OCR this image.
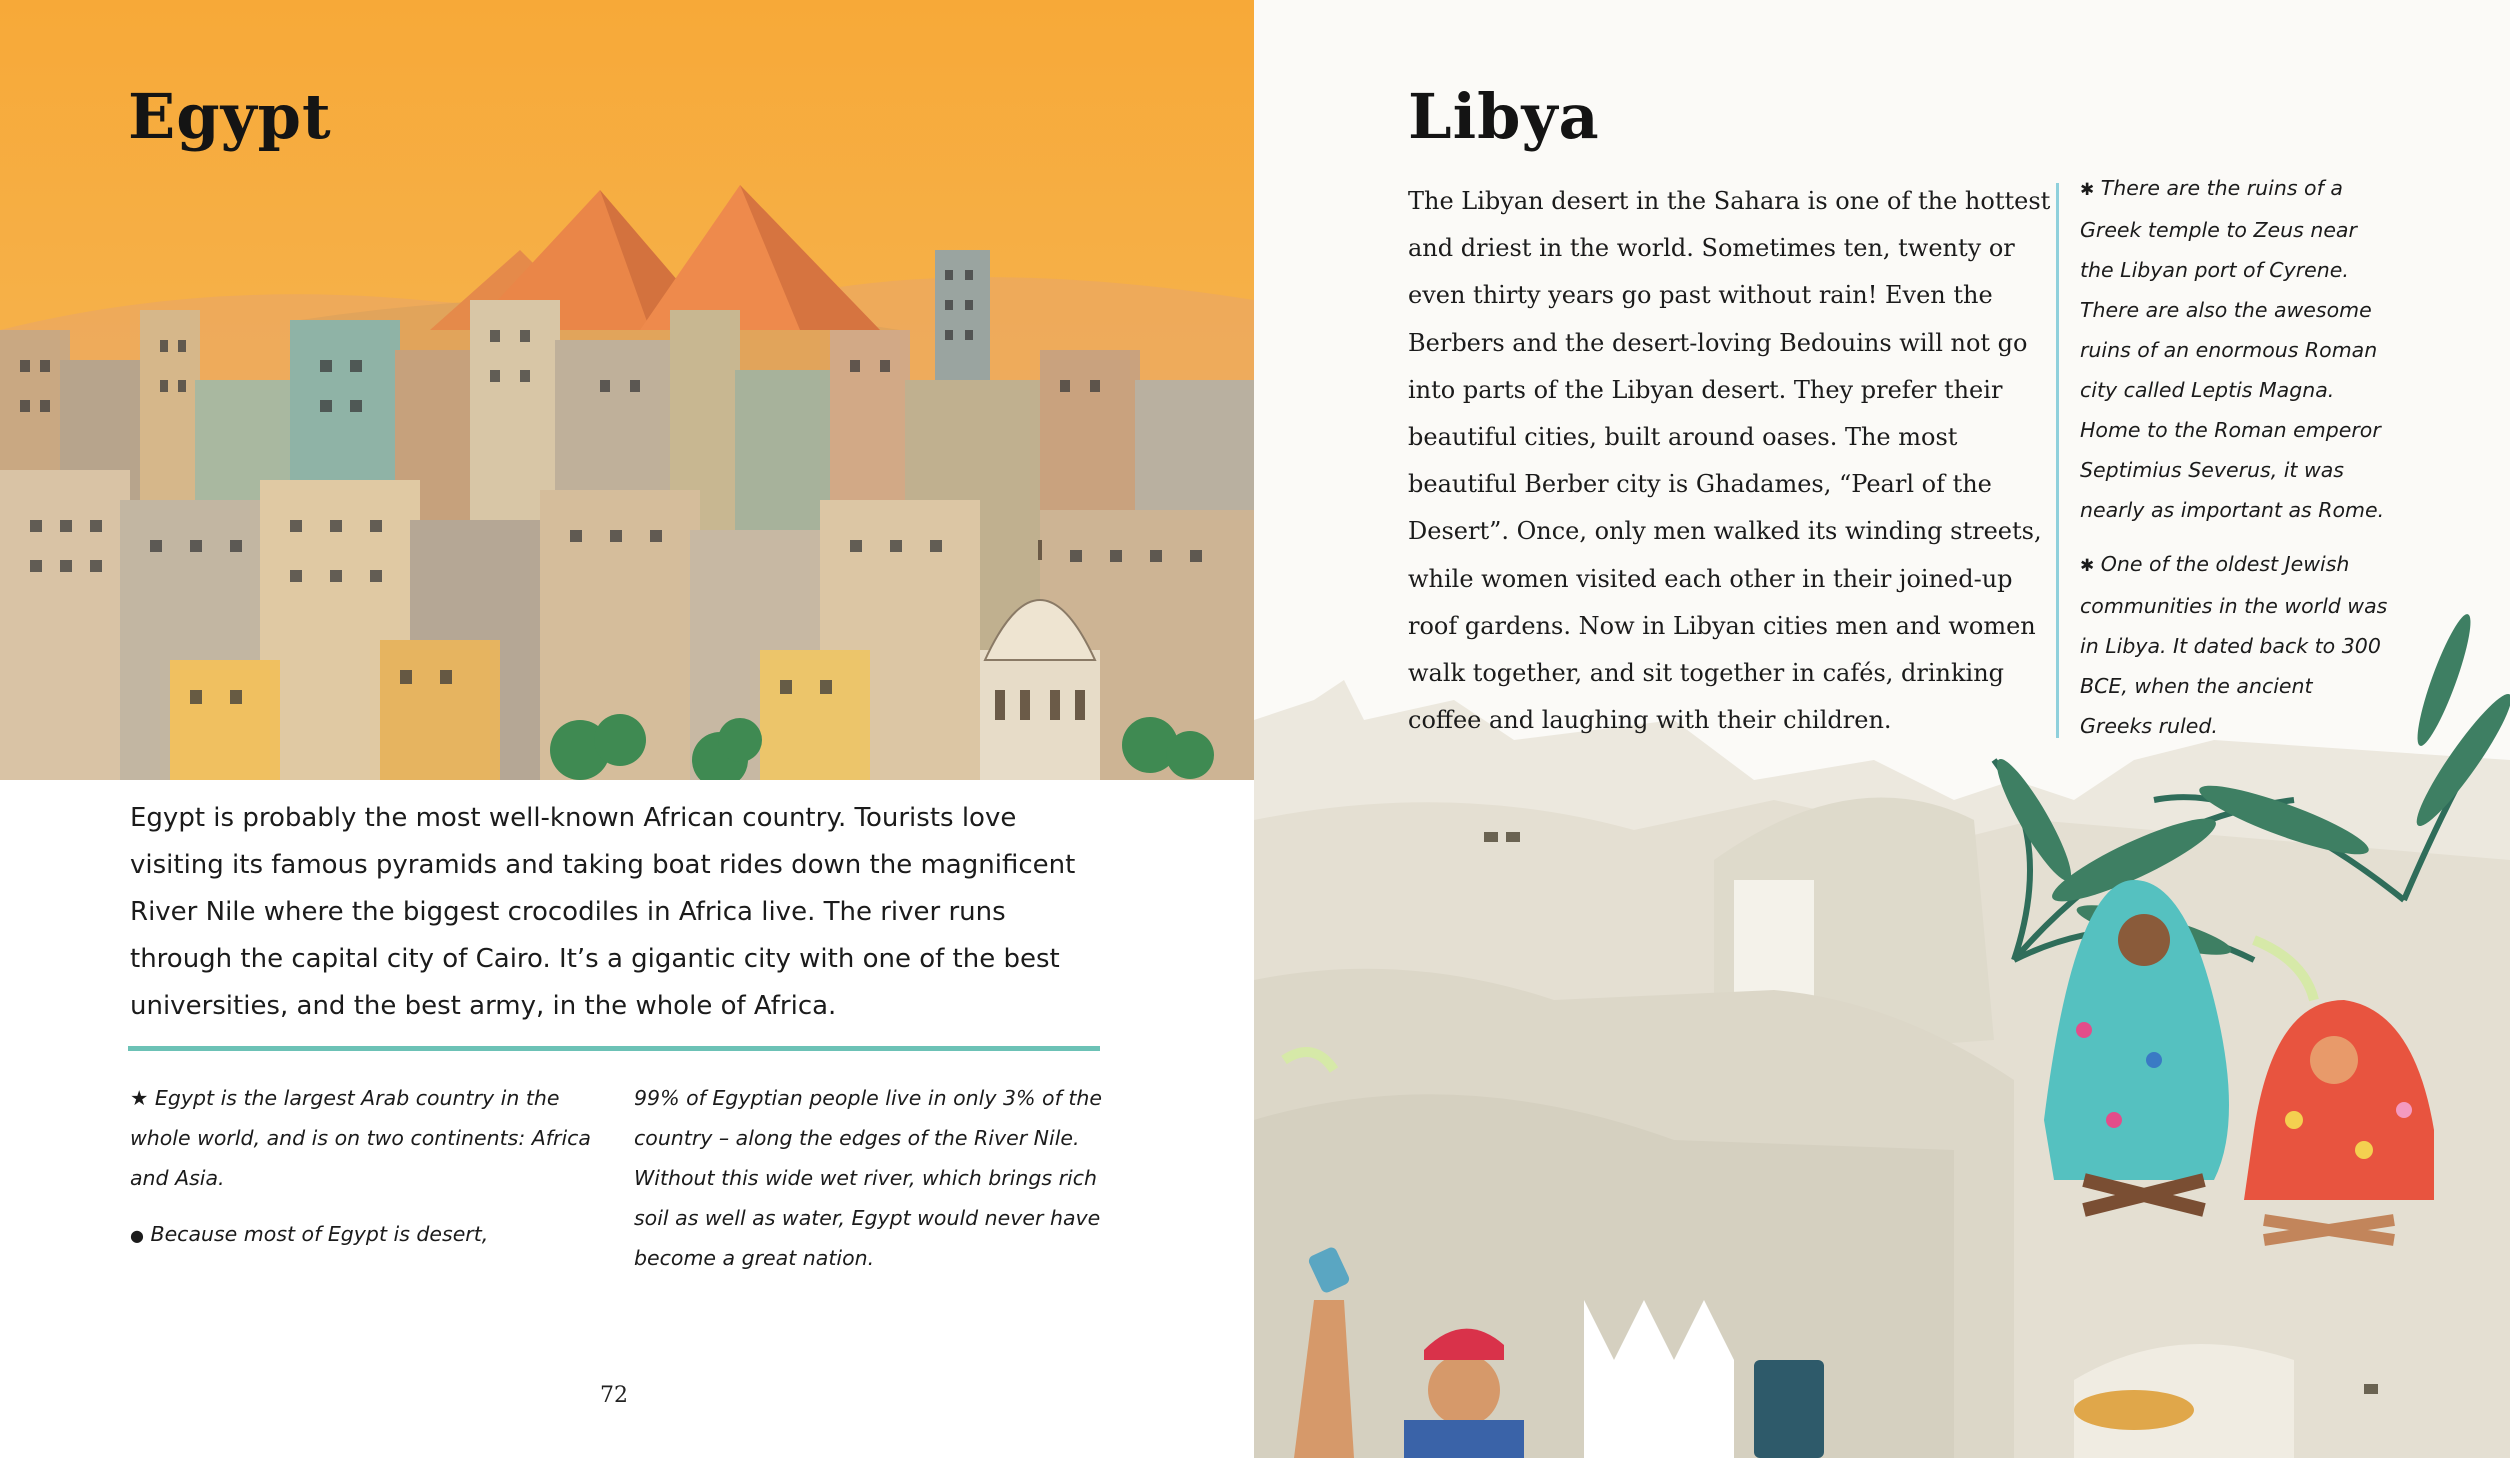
Egypt
Egypt is probably the most well-known African country. Tourists love visiting its famous pyramids and taking boat rides down the magnificent River Nile where the biggest crocodiles in Africa live. The river runs through the capital city of Cairo. It’s a gigantic city with one of the best universities, and the best army, in the whole of Africa.

★ Egypt is the largest Arab country in the whole world, and is on two continents: Africa and Asia.

● Because most of Egypt is desert,

99% of Egyptian people live in only 3% of the country – along the edges of the River Nile. Without this wide wet river, which brings rich soil as well as water, Egypt would never have become a great nation.
72
Libya
The Libyan desert in the Sahara is one of the hottest and driest in the world. Sometimes ten, twenty or even thirty years go past without rain! Even the Berbers and the desert-loving Bedouins will not go into parts of the Libyan desert. They prefer their beautiful cities, built around oases. The most beautiful Berber city is Ghadames, “Pearl of the Desert”. Once, only men walked its winding streets, while women visited each other in their joined-up roof gardens. Now in Libyan cities men and women walk together, and sit together in cafés, drinking coffee and laughing with their children.

✱ There are the ruins of a Greek temple to Zeus near the Libyan port of Cyrene. There are also the awesome ruins of an enormous Roman city called Leptis Magna. Home to the Roman emperor Septimius Severus, it was nearly as important as Rome.

✱ One of the oldest Jewish communities in the world was in Libya. It dated back to 300 BCE, when the ancient Greeks ruled.
